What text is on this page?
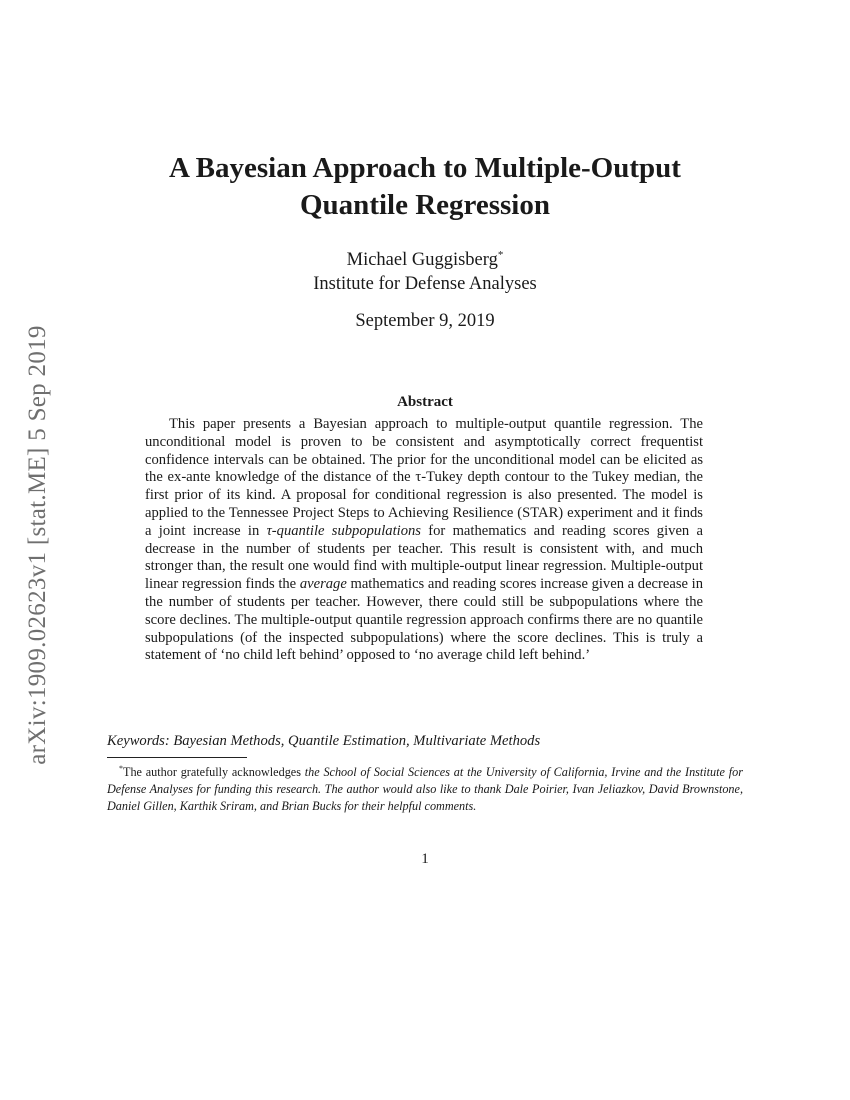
arXiv:1909.02623v1 [stat.ME] 5 Sep 2019
A Bayesian Approach to Multiple-Output
Quantile Regression
Michael Guggisberg*
Institute for Defense Analyses
September 9, 2019
Abstract

This paper presents a Bayesian approach to multiple-output quantile regression. The unconditional model is proven to be consistent and asymptotically correct frequentist confidence intervals can be obtained. The prior for the unconditional model can be elicited as the ex-ante knowledge of the distance of the τ-Tukey depth contour to the Tukey median, the first prior of its kind. A proposal for conditional regression is also presented. The model is applied to the Tennessee Project Steps to Achieving Resilience (STAR) experiment and it finds a joint increase in τ-quantile subpopulations for mathematics and reading scores given a decrease in the number of students per teacher. This result is consistent with, and much stronger than, the result one would find with multiple-output linear regression. Multiple-output linear regression finds the average mathematics and reading scores increase given a decrease in the number of students per teacher. However, there could still be subpopulations where the score declines. The multiple-output quantile regression approach confirms there are no quantile subpopulations (of the inspected subpopulations) where the score declines. This is truly a statement of ‘no child left behind’ opposed to ‘no average child left behind.’

Keywords: Bayesian Methods, Quantile Estimation, Multivariate Methods

*The author gratefully acknowledges the School of Social Sciences at the University of California, Irvine and the Institute for Defense Analyses for funding this research. The author would also like to thank Dale Poirier, Ivan Jeliazkov, David Brownstone, Daniel Gillen, Karthik Sriram, and Brian Bucks for their helpful comments.

1
